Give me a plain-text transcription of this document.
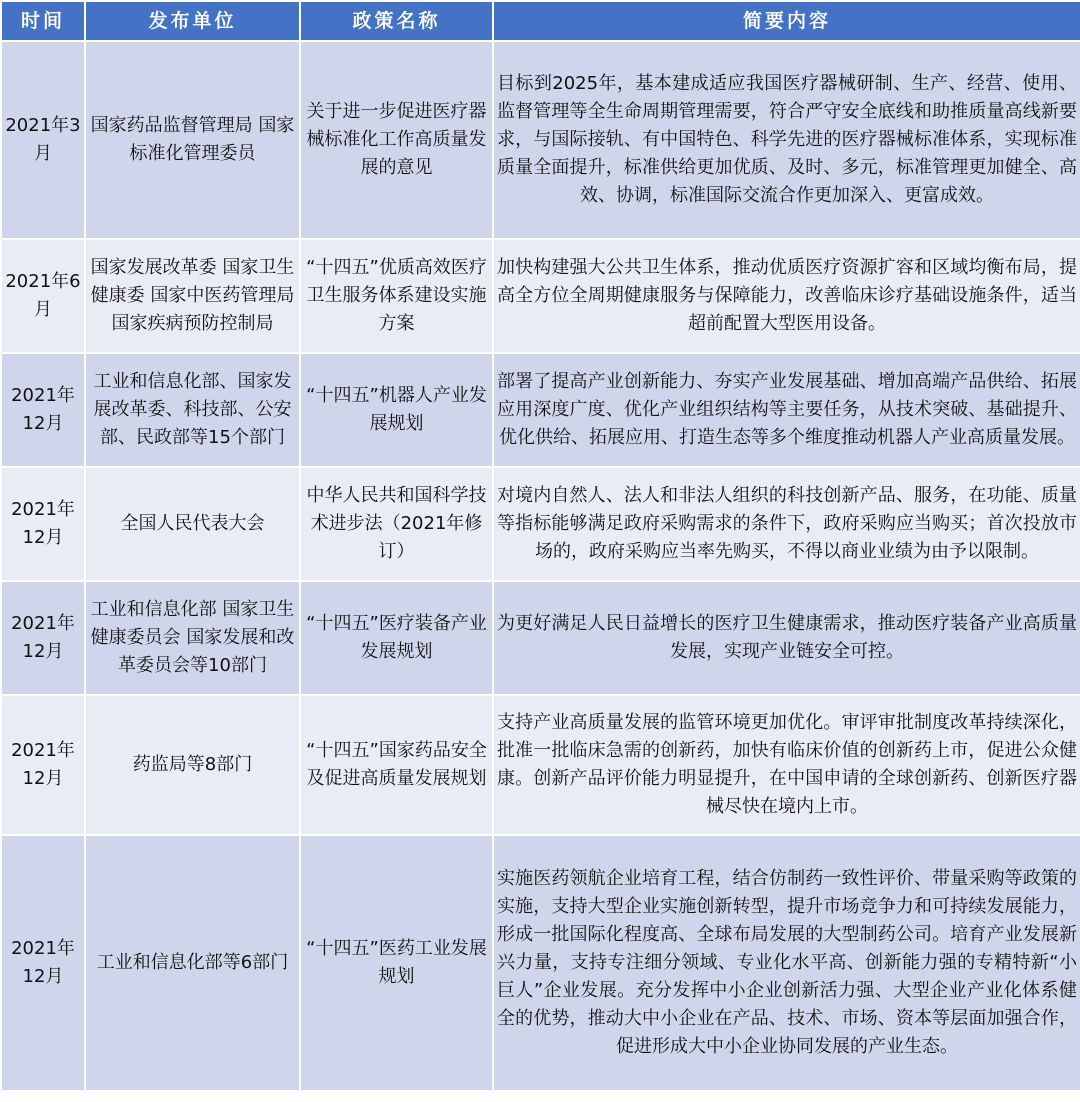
时间	发布单位	政策名称	简要内容
2021年3月	国家药品监督管理局 国家标准化管理委员	关于进一步促进医疗器械标准化工作高质量发展的意见	目标到2025年，基本建成适应我国医疗器械研制、生产、经营、使用、监督管理等全生命周期管理需要，符合严守安全底线和助推质量高线新要求，与国际接轨、有中国特色、科学先进的医疗器械标准体系，实现标准质量全面提升，标准供给更加优质、及时、多元，标准管理更加健全、高效、协调，标准国际交流合作更加深入、更富成效。
2021年6月	国家发展改革委 国家卫生健康委 国家中医药管理局 国家疾病预防控制局	“十四五”优质高效医疗卫生服务体系建设实施方案	加快构建强大公共卫生体系，推动优质医疗资源扩容和区域均衡布局，提高全方位全周期健康服务与保障能力，改善临床诊疗基础设施条件，适当超前配置大型医用设备。
2021年12月	工业和信息化部、国家发展改革委、科技部、公安部、民政部等15个部门	“十四五”机器人产业发展规划	部署了提高产业创新能力、夯实产业发展基础、增加高端产品供给、拓展应用深度广度、优化产业组织结构等主要任务，从技术突破、基础提升、优化供给、拓展应用、打造生态等多个维度推动机器人产业高质量发展。
2021年12月	全国人民代表大会	中华人民共和国科学技术进步法（2021年修订）	对境内自然人、法人和非法人组织的科技创新产品、服务，在功能、质量等指标能够满足政府采购需求的条件下，政府采购应当购买；首次投放市场的，政府采购应当率先购买，不得以商业业绩为由予以限制。
2021年12月	工业和信息化部 国家卫生健康委员会 国家发展和改革委员会等10部门	“十四五”医疗装备产业发展规划	为更好满足人民日益增长的医疗卫生健康需求，推动医疗装备产业高质量发展，实现产业链安全可控。
2021年12月	药监局等8部门	“十四五”国家药品安全及促进高质量发展规划	支持产业高质量发展的监管环境更加优化。审评审批制度改革持续深化，批准一批临床急需的创新药，加快有临床价值的创新药上市，促进公众健康。创新产品评价能力明显提升，在中国申请的全球创新药、创新医疗器械尽快在境内上市。
2021年12月	工业和信息化部等6部门	“十四五”医药工业发展规划	实施医药领航企业培育工程，结合仿制药一致性评价、带量采购等政策的实施，支持大型企业实施创新转型，提升市场竞争力和可持续发展能力，形成一批国际化程度高、全球布局发展的大型制药公司。培育产业发展新兴力量，支持专注细分领域、专业化水平高、创新能力强的专精特新“小巨人”企业发展。充分发挥中小企业创新活力强、大型企业产业化体系健全的优势，推动大中小企业在产品、技术、市场、资本等层面加强合作，促进形成大中小企业协同发展的产业生态。
